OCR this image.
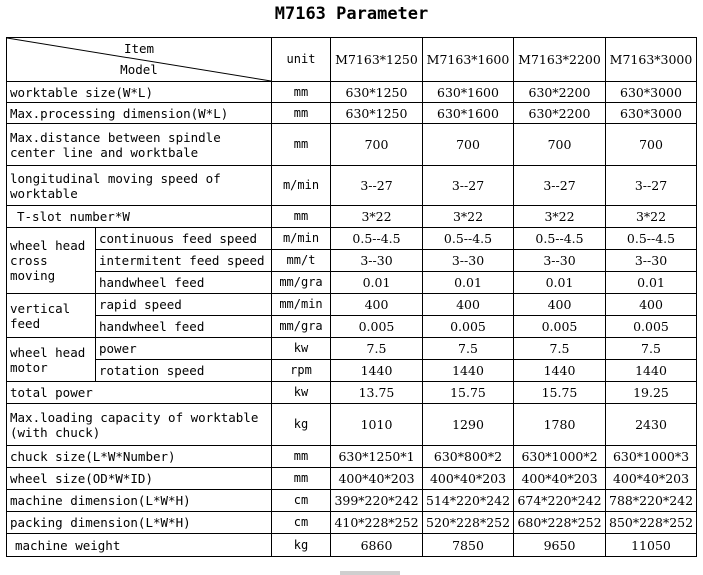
M7163 Parameter
Item
Model		unit	M7163*1250	M7163*1600	M7163*2200	M7163*3000
worktable size(W*L)		mm	630*1250	630*1600	630*2200	630*3000
Max.processing dimension(W*L)		mm	630*1250	630*1600	630*2200	630*3000
Max.distance between spindle center line and worktbale		mm	700	700	700	700
longitudinal moving speed of worktable		m/min	3--27	3--27	3--27	3--27
T-slot number*W		mm	3*22	3*22	3*22	3*22
wheel head cross moving	continuous feed speed	m/min	0.5--4.5	0.5--4.5	0.5--4.5	0.5--4.5
	intermitent feed speed	mm/t	3--30	3--30	3--30	3--30
	handwheel feed	mm/gra	0.01	0.01	0.01	0.01
vertical feed	rapid speed	mm/min	400	400	400	400
	handwheel feed	mm/gra	0.005	0.005	0.005	0.005
wheel head motor	power	kw	7.5	7.5	7.5	7.5
	rotation speed	rpm	1440	1440	1440	1440
total power		kw	13.75	15.75	15.75	19.25
Max.loading capacity of worktable (with chuck)		kg	1010	1290	1780	2430
chuck size(L*W*Number)		mm	630*1250*1	630*800*2	630*1000*2	630*1000*3
wheel size(OD*W*ID)		mm	400*40*203	400*40*203	400*40*203	400*40*203
machine dimension(L*W*H)		cm	399*220*242	514*220*242	674*220*242	788*220*242
packing dimension(L*W*H)		cm	410*228*252	520*228*252	680*228*252	850*228*252
machine weight		kg	6860	7850	9650	11050
